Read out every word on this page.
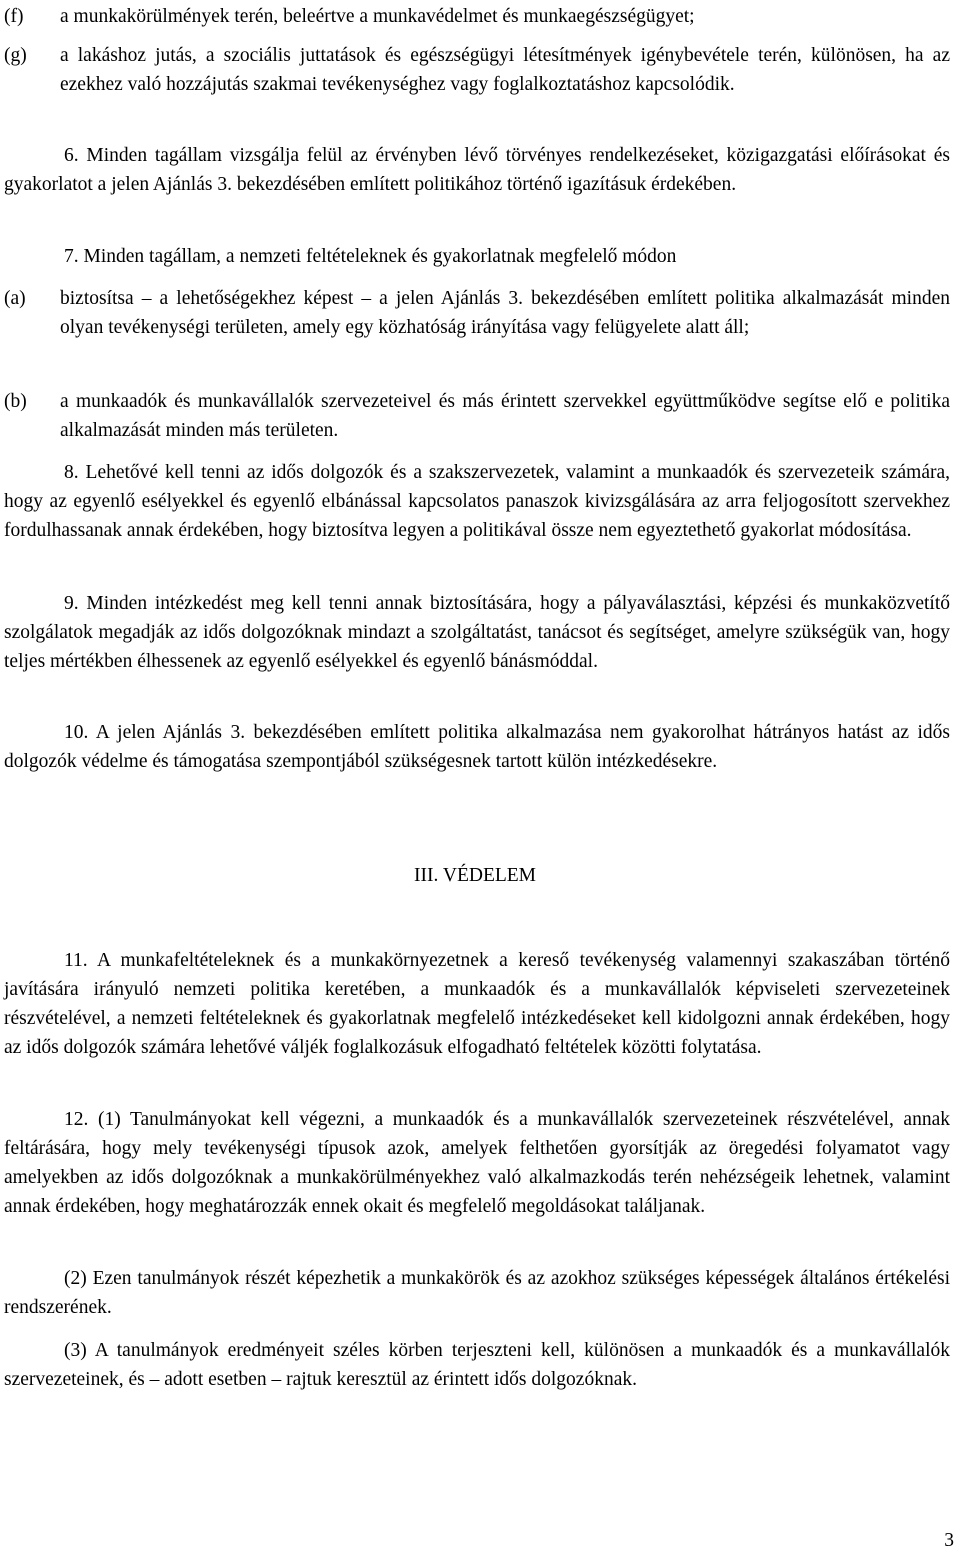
(f) a munkakörülmények terén, beleértve a munkavédelmet és munkaegészségügyet;
(g) a lakáshoz jutás, a szociális juttatások és egészségügyi létesítmények igénybevétele terén, különösen, ha az ezekhez való hozzájutás szakmai tevékenységhez vagy foglalkoztatáshoz kapcsolódik.
6. Minden tagállam vizsgálja felül az érvényben lévő törvényes rendelkezéseket, közigazgatási előírásokat és gyakorlatot a jelen Ajánlás 3. bekezdésében említett politikához történő igazításuk érdekében.
7. Minden tagállam, a nemzeti feltételeknek és gyakorlatnak megfelelő módon
(a) biztosítsa – a lehetőségekhez képest – a jelen Ajánlás 3. bekezdésében említett politika alkalmazását minden olyan tevékenységi területen, amely egy közhatóság irányítása vagy felügyelete alatt áll;
(b) a munkaadók és munkavállalók szervezeteivel és más érintett szervekkel együttműködve segítse elő e politika alkalmazását minden más területen.
8. Lehetővé kell tenni az idős dolgozók és a szakszervezetek, valamint a munkaadók és szervezeteik számára, hogy az egyenlő esélyekkel és egyenlő elbánással kapcsolatos panaszok kivizsgálására az arra feljogosított szervekhez fordulhassanak annak érdekében, hogy biztosítva legyen a politikával össze nem egyeztethető gyakorlat módosítása.
9. Minden intézkedést meg kell tenni annak biztosítására, hogy a pályaválasztási, képzési és munkaközvetítő szolgálatok megadják az idős dolgozóknak mindazt a szolgáltatást, tanácsot és segítséget, amelyre szükségük van, hogy teljes mértékben élhessenek az egyenlő esélyekkel és egyenlő bánásmóddal.
10. A jelen Ajánlás 3. bekezdésében említett politika alkalmazása nem gyakorolhat hátrányos hatást az idős dolgozók védelme és támogatása szempontjából szükségesnek tartott külön intézkedésekre.
III. VÉDELEM
11. A munkafeltételeknek és a munkakörnyezetnek a kereső tevékenység valamennyi szakaszában történő javítására irányuló nemzeti politika keretében, a munkaadók és a munkavállalók képviseleti szervezeteinek részvételével, a nemzeti feltételeknek és gyakorlatnak megfelelő intézkedéseket kell kidolgozni annak érdekében, hogy az idős dolgozók számára lehetővé váljék foglalkozásuk elfogadható feltételek közötti folytatása.
12. (1) Tanulmányokat kell végezni, a munkaadók és a munkavállalók szervezeteinek részvételével, annak feltárására, hogy mely tevékenységi típusok azok, amelyek felthetően gyorsítják az öregedési folyamatot vagy amelyekben az idős dolgozóknak a munkakörülményekhez való alkalmazkodás terén nehézségeik lehetnek, valamint annak érdekében, hogy meghatározzák ennek okait és megfelelő megoldásokat találjanak.
(2) Ezen tanulmányok részét képezhetik a munkakörök és az azokhoz szükséges képességek általános értékelési rendszerének.
(3) A tanulmányok eredményeit széles körben terjeszteni kell, különösen a munkaadók és a munkavállalók szervezeteinek, és – adott esetben – rajtuk keresztül az érintett idős dolgozóknak.
3
